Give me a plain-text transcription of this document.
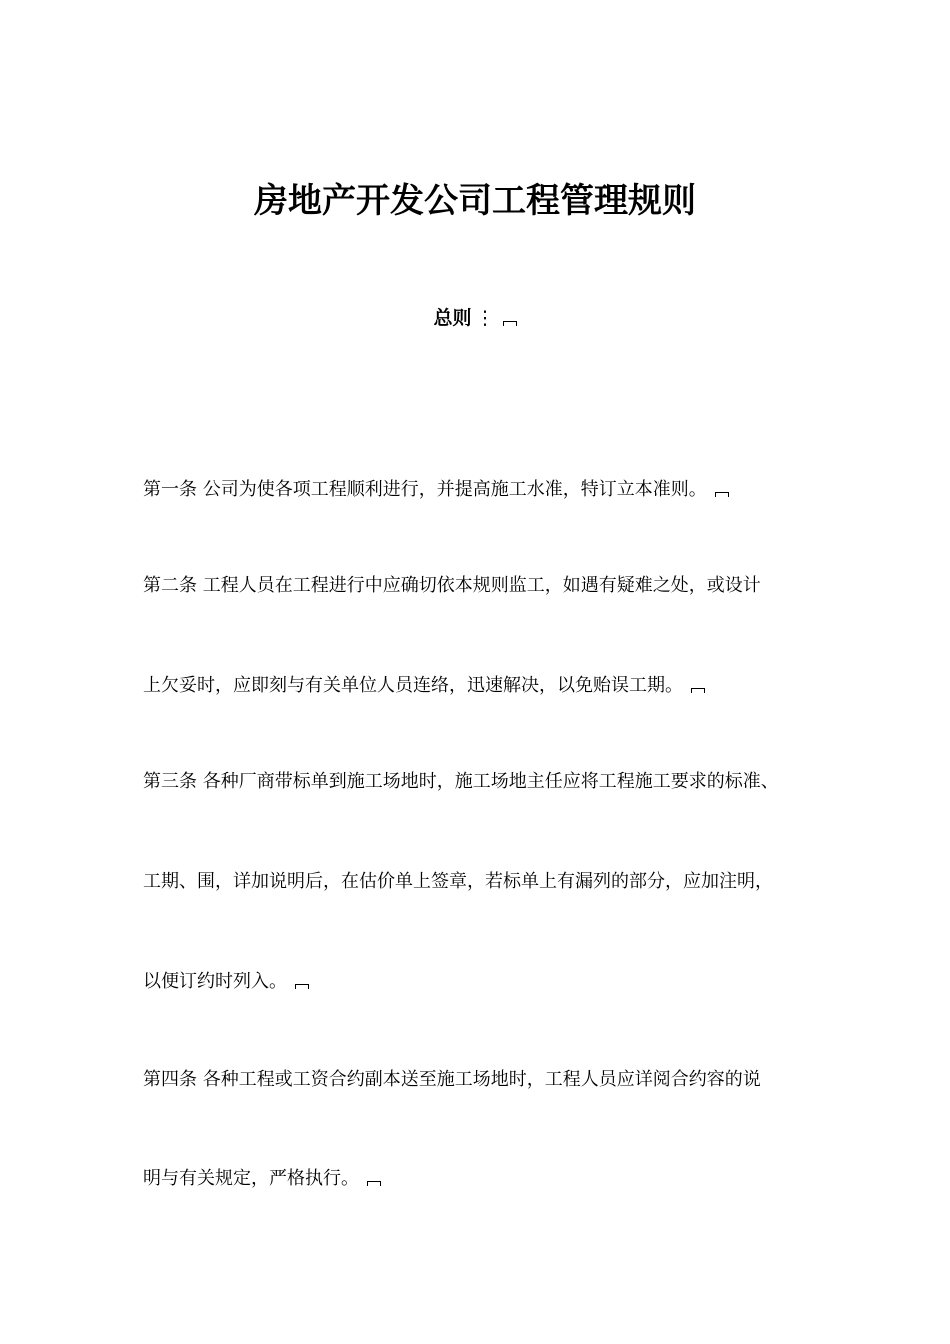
房地产开发公司工程管理规则
总则 ⋮
第一条 公司为使各项工程顺利进行，并提高施工水准，特订立本准则。
第二条 工程人员在工程进行中应确切依本规则监工，如遇有疑难之处，或设计
上欠妥时，应即刻与有关单位人员连络，迅速解决，以免贻误工期。
第三条 各种厂商带标单到施工场地时，施工场地主任应将工程施工要求的标准、
工期、围，详加说明后，在估价单上签章，若标单上有漏列的部分，应加注明，
以便订约时列入。
第四条 各种工程或工资合约副本送至施工场地时，工程人员应详阅合约容的说
明与有关规定，严格执行。
